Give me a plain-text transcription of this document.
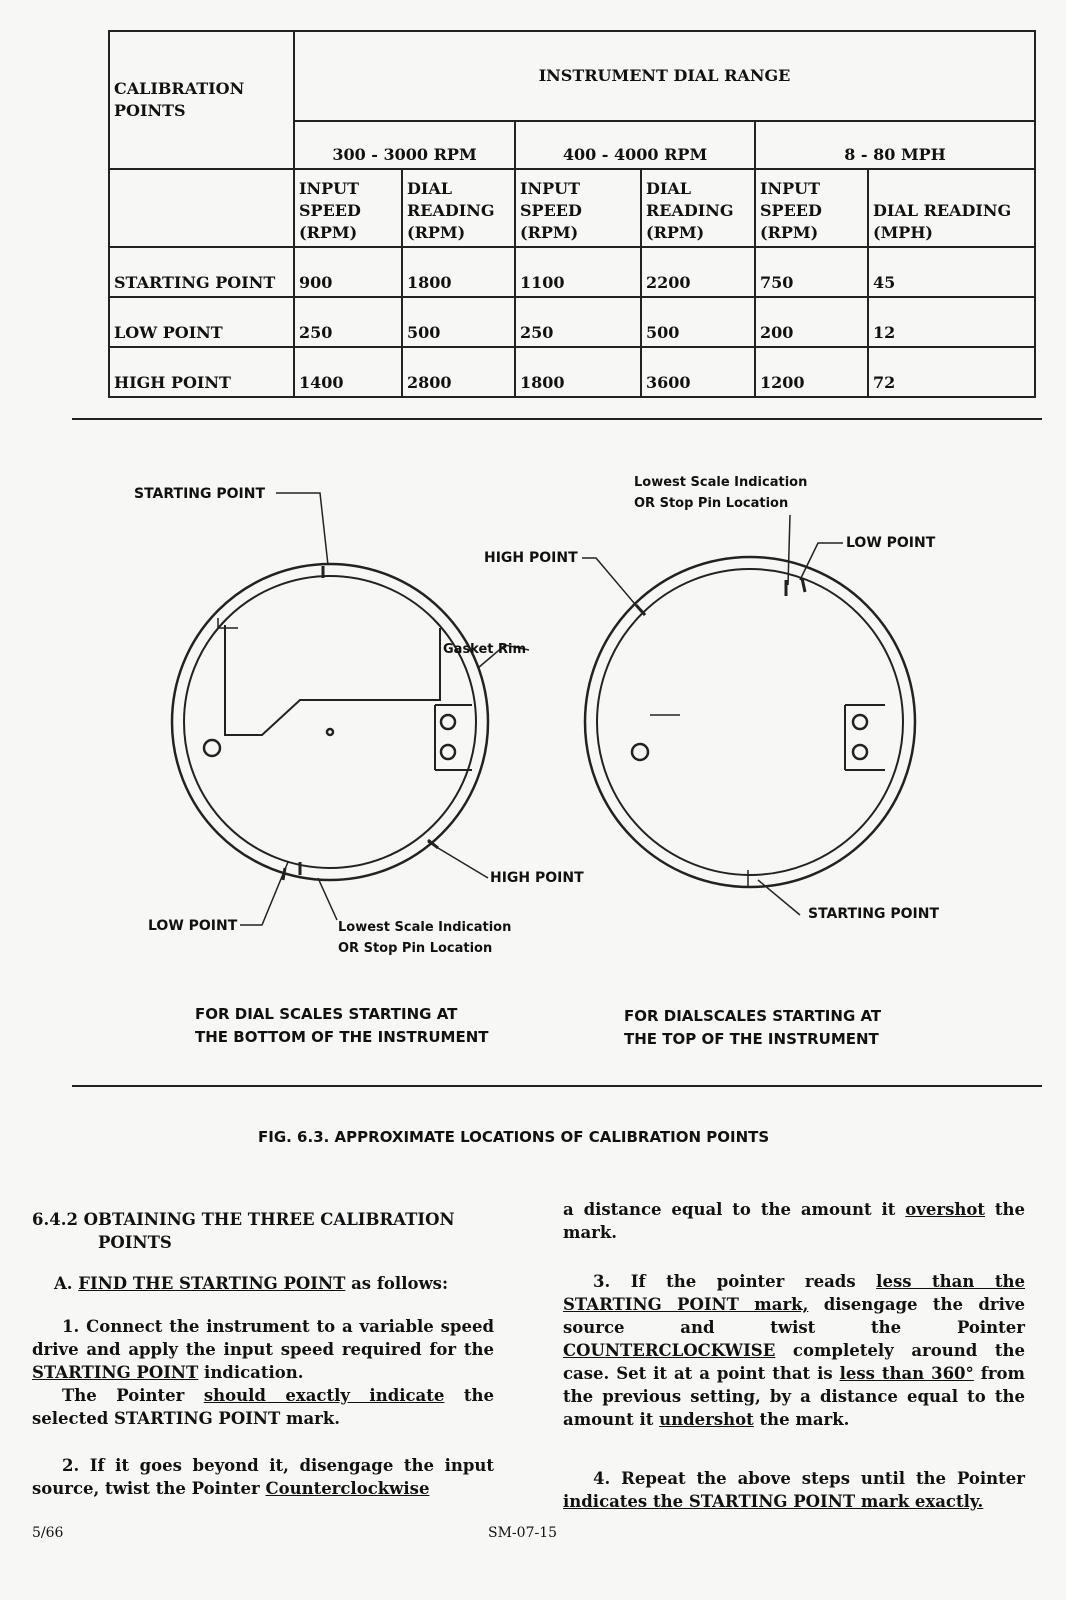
CALIBRATION POINTS	INSTRUMENT DIAL RANGE					
	300 - 3000 RPM		400 - 4000 RPM		8 - 80 MPH	
	INPUT SPEED (RPM)	DIAL READING (RPM)	INPUT SPEED (RPM)	DIAL READING (RPM)	INPUT SPEED (RPM)	DIAL READING (MPH)
STARTING POINT	900	1800	1100	2200	750	45
LOW POINT	250	500	250	500	200	12
HIGH POINT	1400	2800	1800	3600	1200	72
STARTING POINT
Gasket Rim
HIGH POINT
LOW POINT	Lowest Scale Indication
OR Stop Pin Location
FOR DIAL SCALES STARTING AT
THE BOTTOM OF THE INSTRUMENT
Lowest Scale Indication
OR Stop Pin Location
LOW POINT
HIGH POINT
STARTING POINT
FOR DIALSCALES STARTING AT
THE TOP OF THE INSTRUMENT
FIG. 6.3. APPROXIMATE LOCATIONS OF CALIBRATION POINTS

6.4.2 OBTAINING THE THREE CALIBRATION POINTS

A. FIND THE STARTING POINT as follows:

1. Connect the instrument to a variable speed drive and apply the input speed required for the STARTING POINT indication.

The Pointer should exactly indicate the selected STARTING POINT mark.

2. If it goes beyond it, disengage the input source, twist the Pointer Counterclockwise

a distance equal to the amount it overshot the mark.

3. If the pointer reads less than the STARTING POINT mark, disengage the drive source and twist the Pointer COUNTERCLOCKWISE completely around the case. Set it at a point that is less than 360° from the previous setting, by a distance equal to the amount it undershot the mark.

4. Repeat the above steps until the Pointer indicates the STARTING POINT mark exactly.

5/66	SM-07-15
